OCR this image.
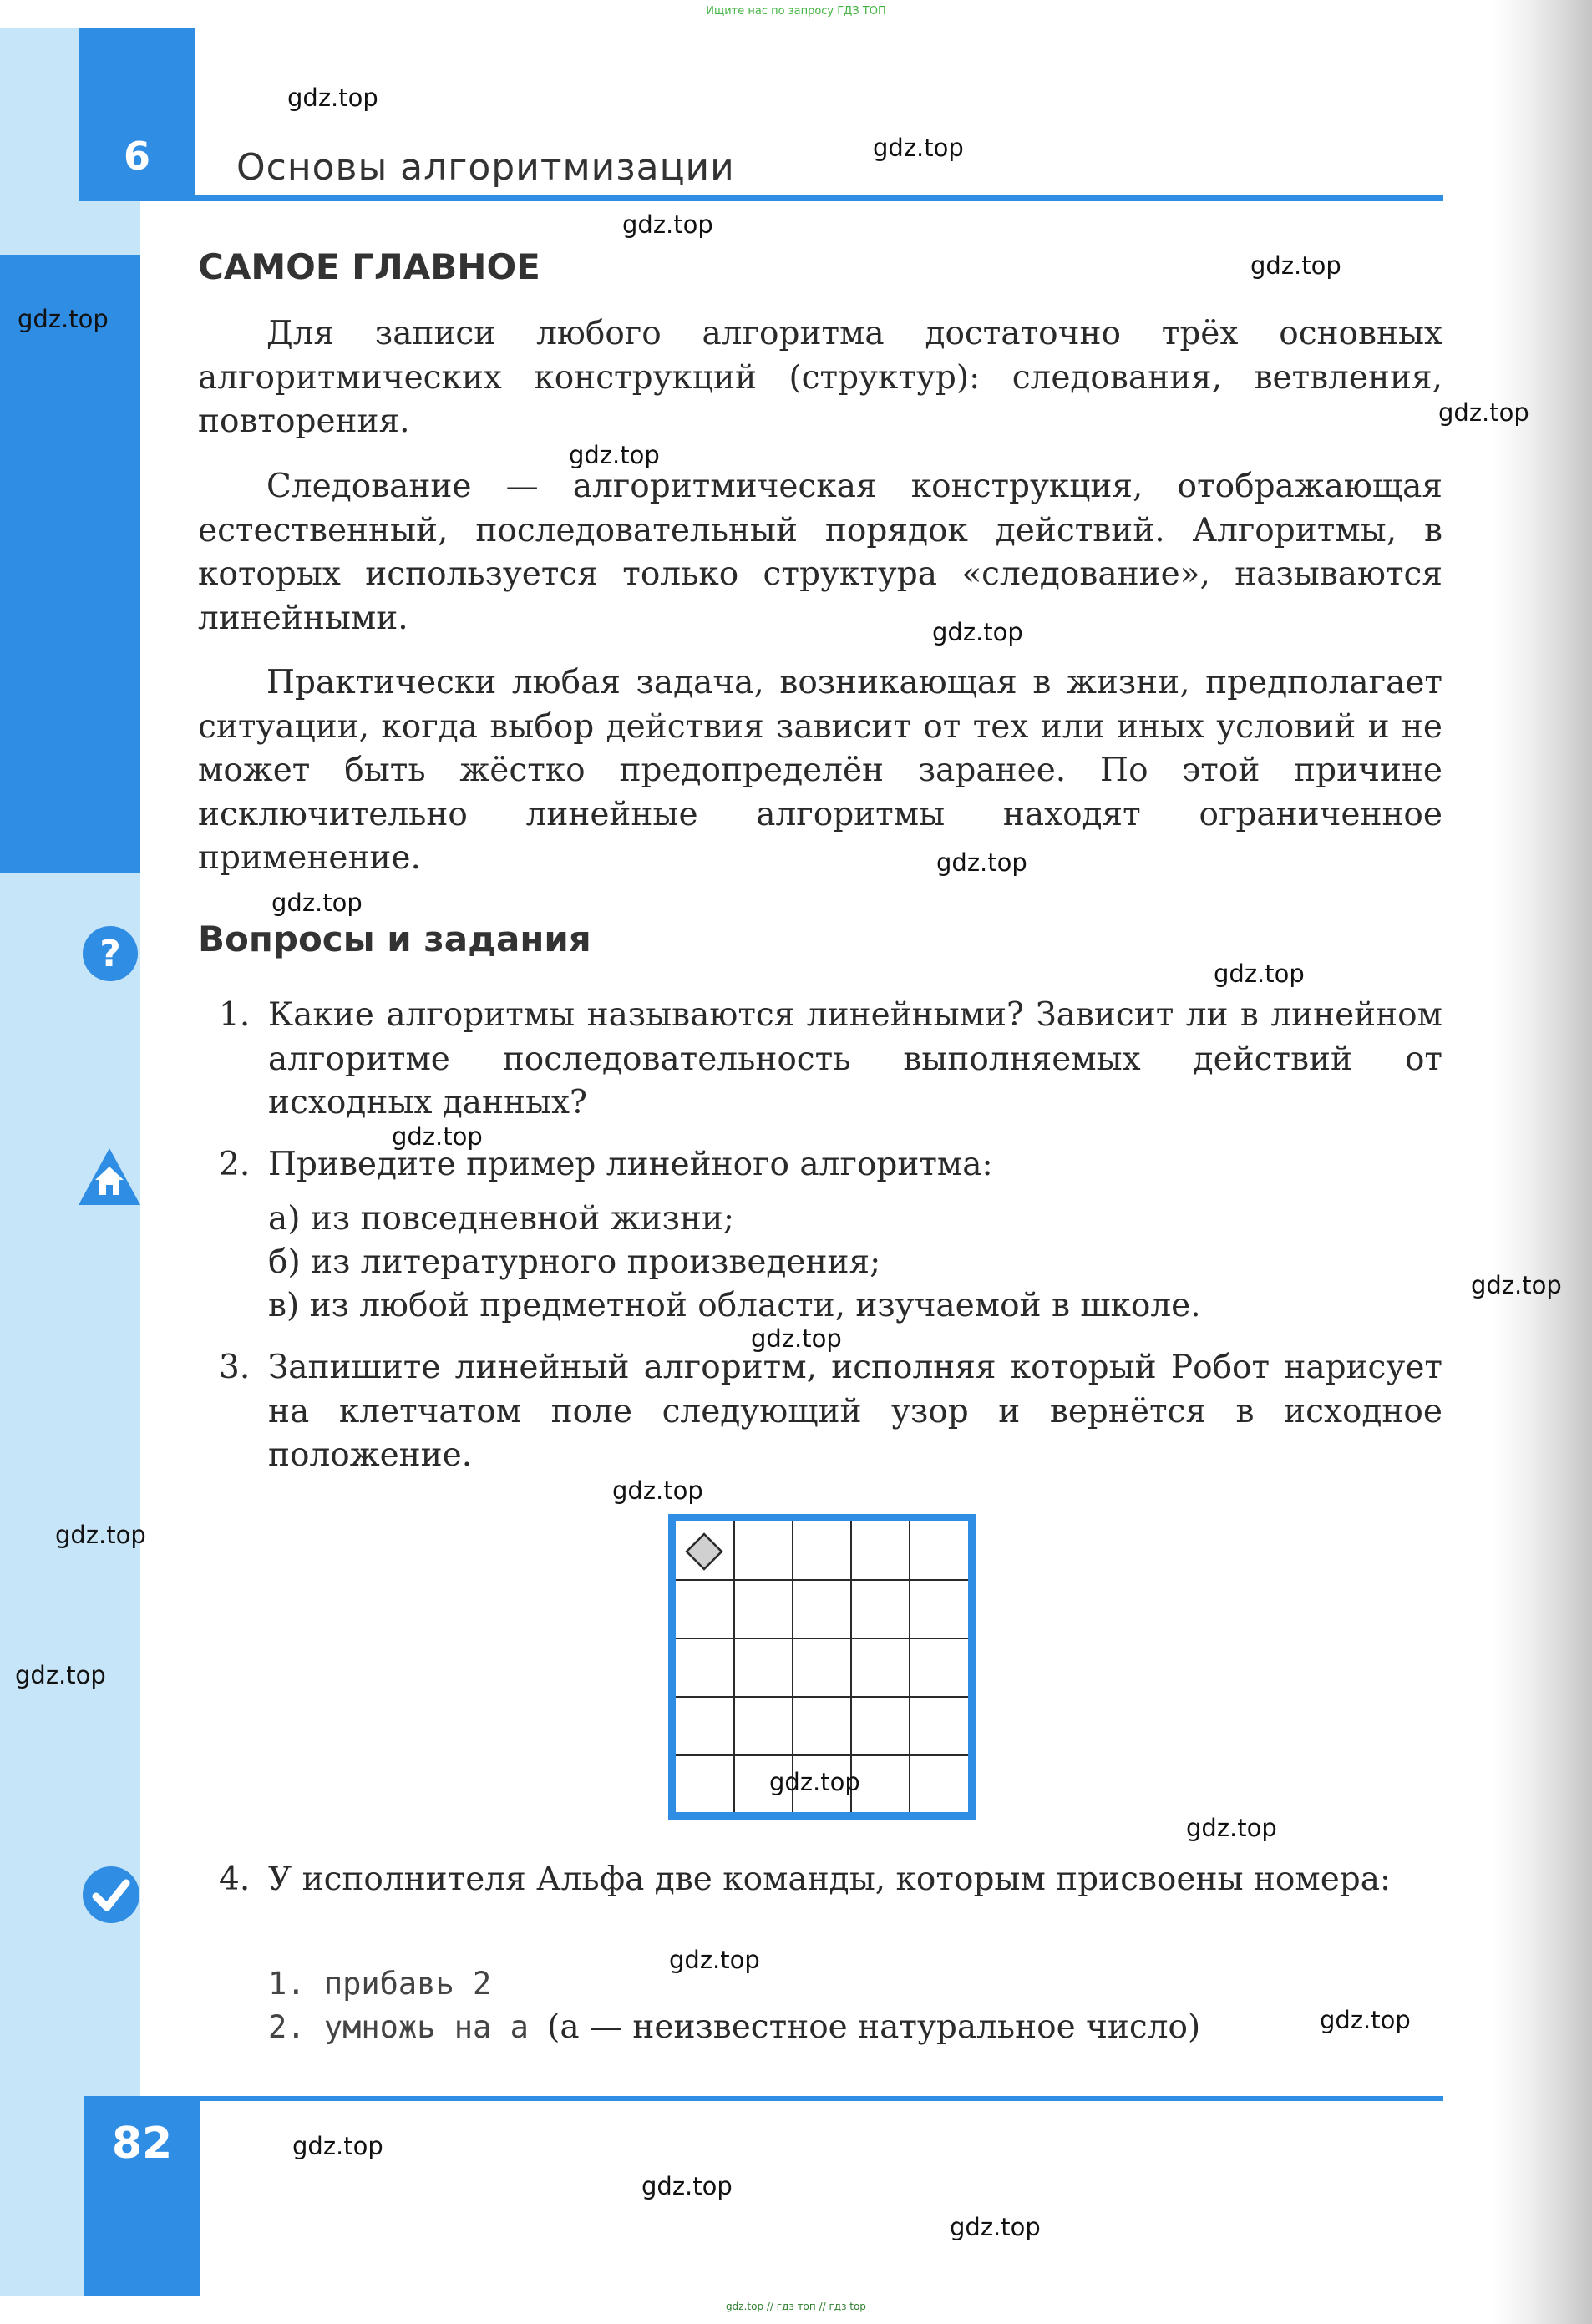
Ищите нас по запросу ГДЗ ТОП
6	Основы алгоритмизации
САМОЕ ГЛАВНОЕ

Для записи любого алгоритма достаточно трёх основных алгоритмических конструкций (структур): следования, ветвления, повторения.

Следование — алгоритмическая конструкция, отображающая естественный, последовательный порядок действий. Алгоритмы, в которых используется только структура «следование», называются линейными.

Практически любая задача, возникающая в жизни, предполагает ситуации, когда выбор действия зависит от тех или иных условий и не может быть жёстко предопределён заранее. По этой причине исключительно линейные алгоритмы находят ограниченное применение.

? Вопросы и задания
1. Какие алгоритмы называются линейными? Зависит ли в линейном алгоритме последовательность выполняемых действий от исходных данных?
2. Приведите пример линейного алгоритма:
а) из повседневной жизни;
б) из литературного произведения;
в) из любой предметной области, изучаемой в школе.
3. Запишите линейный алгоритм, исполняя который Робот нарисует на клетчатом поле следующий узор и вернётся в исходное положение.
4. У исполнителя Альфа две команды, которым присвоены номера:
1. прибавь 2
2. умножь на а (а — неизвестное натуральное число)
82
gdz.top
gdz.top
gdz.top
gdz.top
gdz.top
gdz.top
gdz.top
gdz.top
gdz.top
gdz.top
gdz.top
gdz.top
gdz.top
gdz.top
gdz.top
gdz.top
gdz.top
gdz.top
gdz.top
gdz.top
gdz.top
gdz.top
gdz.top
gdz.top
gdz.top // гдз топ // гдз top
